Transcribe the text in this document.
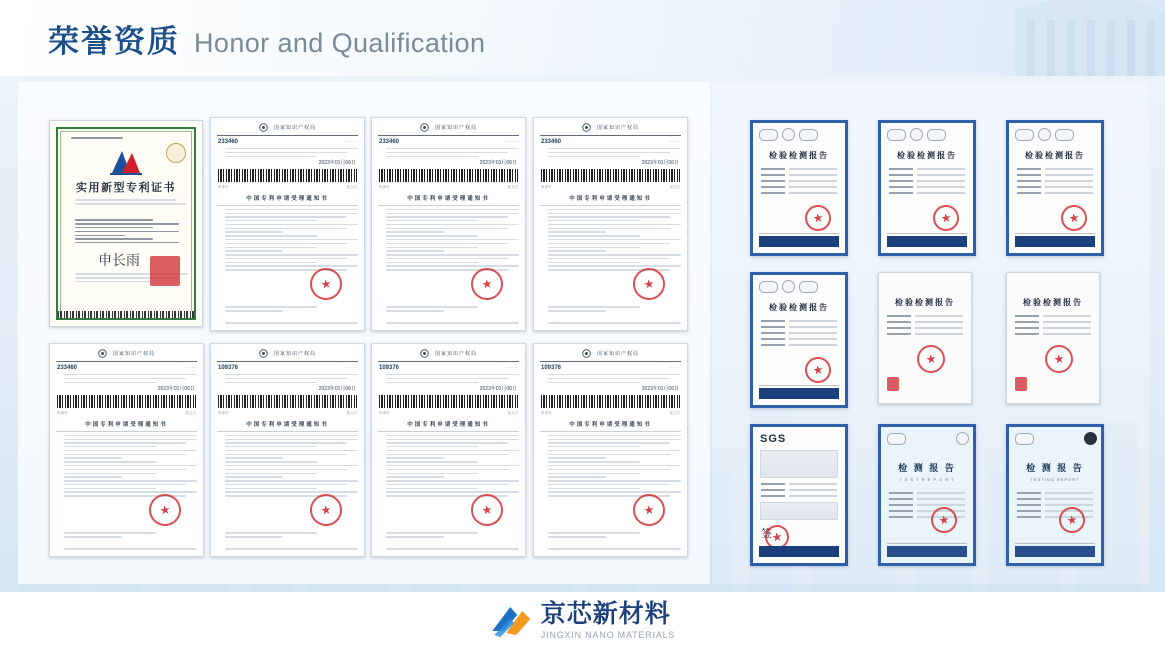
荣誉资质 Honor and Qualification
实用新型专利证书
申长雨
国家知识产权局
233460	－－－
2023年01月06日
申请号	发文日
中国专利申请受理通知书
★
国家知识产权局
233460	－－－
2023年01月06日
申请号	发文日
中国专利申请受理通知书
★
国家知识产权局
233460	－－－
2023年01月06日
申请号	发文日
中国专利申请受理通知书
★
国家知识产权局
233460	－－－
2023年01月06日
申请号	发文日
中国专利申请受理通知书
★
国家知识产权局
109376	－－－
2023年01月06日
申请号	发文日
中国专利申请受理通知书
★
国家知识产权局
109376	－－－
2023年01月06日
申请号	发文日
中国专利申请受理通知书
★
国家知识产权局
109376	－－－
2023年01月06日
申请号	发文日
中国专利申请受理通知书
★
检验检测报告
★	检验检测报告
★	检验检测报告
★
检验检测报告
★
检验检测报告
★	检验检测报告
★
SGS
签
★
检 测 报 告
T E S T R E P O R T
★
检 测 报 告
TESTING REPORT
★
京芯新材料
JINGXIN NANO MATERIALS
